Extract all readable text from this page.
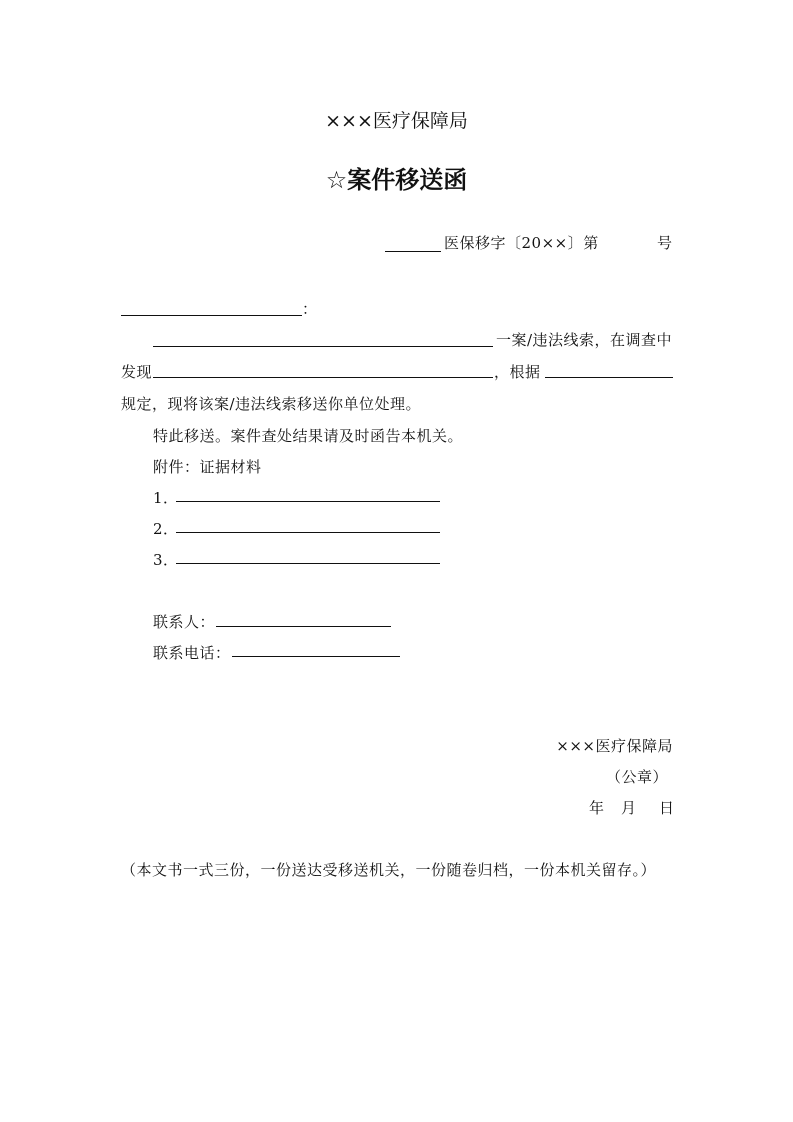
×××医疗保障局
☆案件移送函
医保移字〔20××〕第	号
：
一案/违法线索，在调查中
发现	，根据
规定，现将该案/违法线索移送你单位处理。
特此移送。案件查处结果请及时函告本机关。
附件：证据材料
1．
2．
3．
联系人：
联系电话：
×××医疗保障局
（公章）
年 月 日
（本文书一式三份，一份送达受移送机关，一份随卷归档，一份本机关留存。）
